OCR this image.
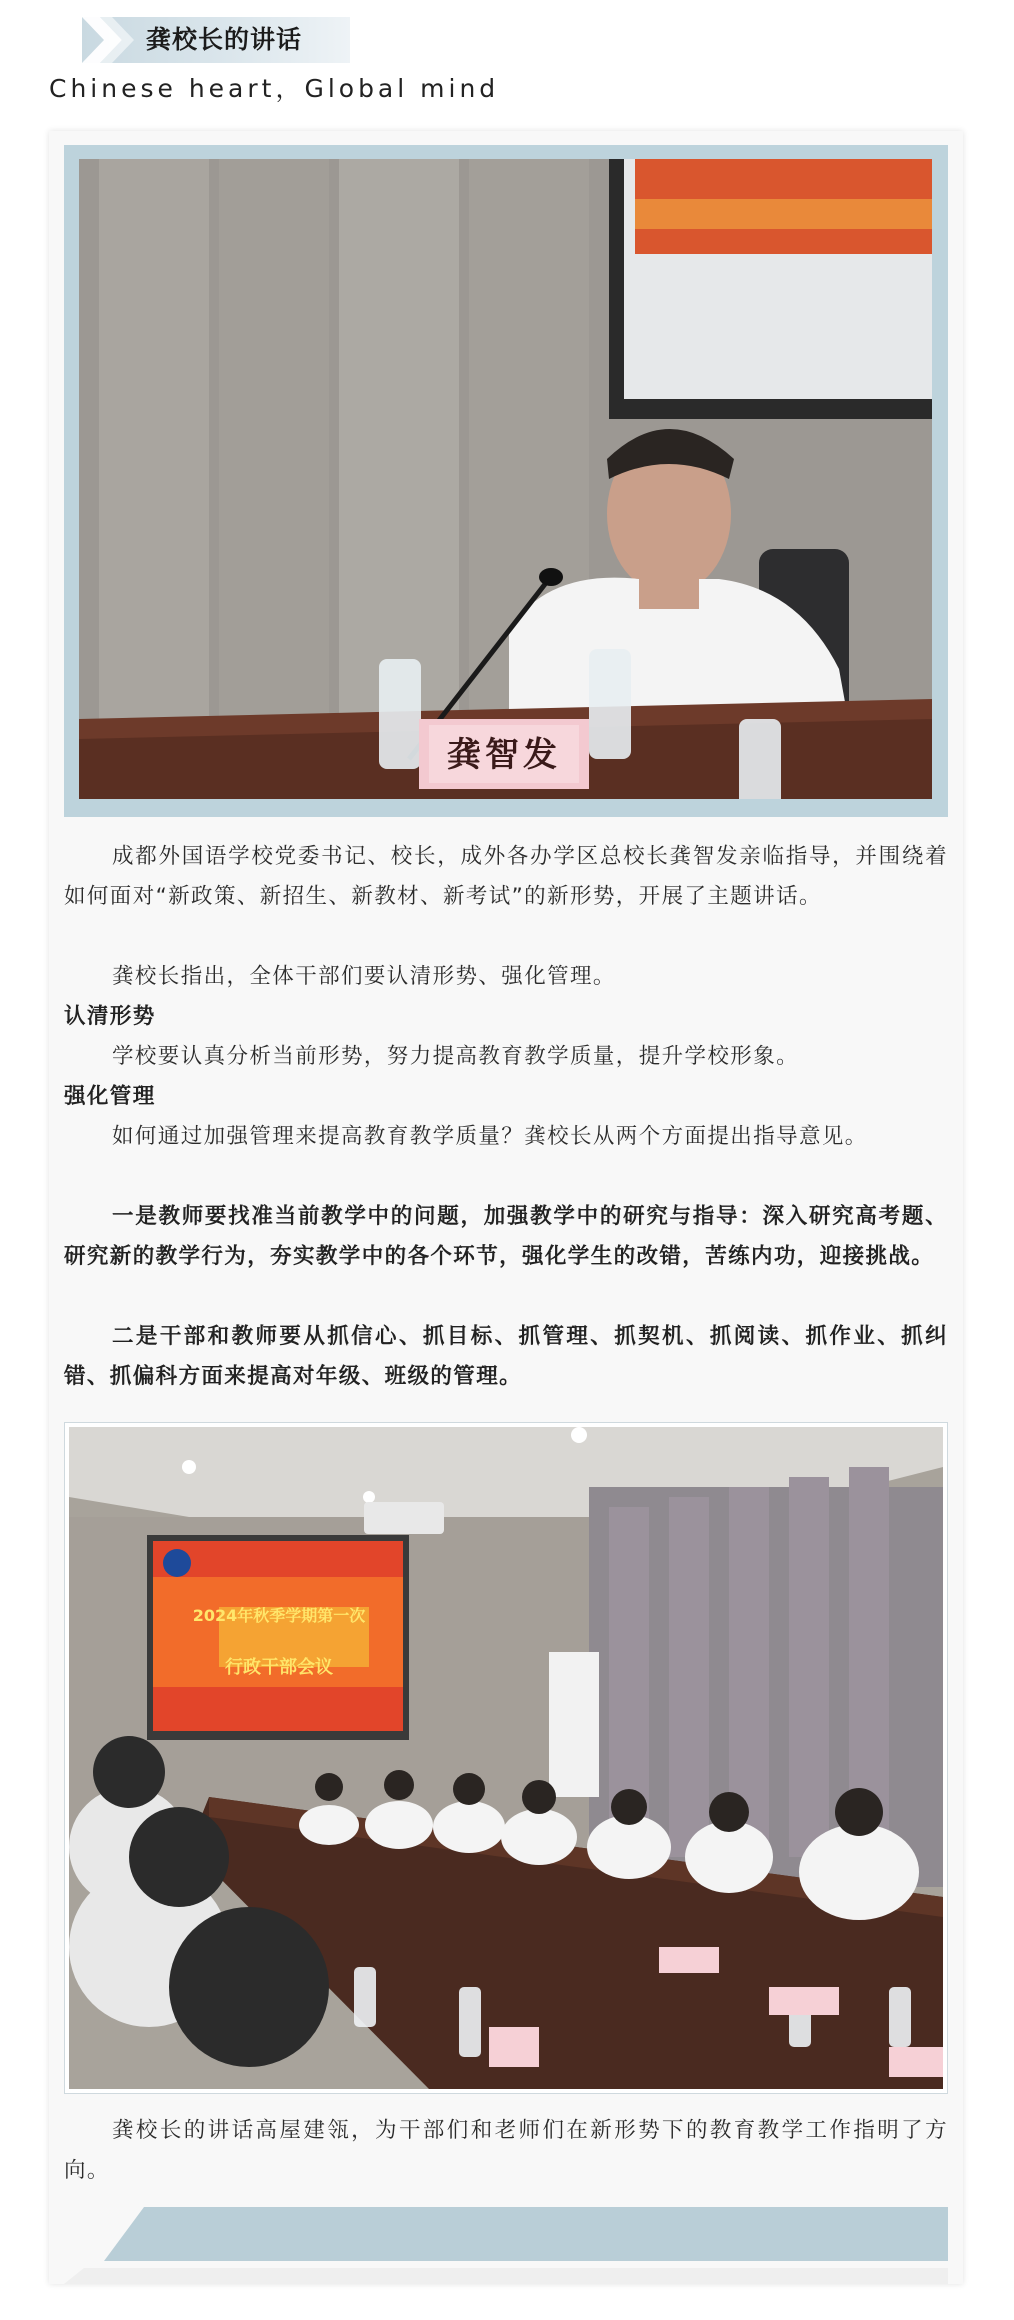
龚校长的讲话
Chinese heart，Global mind
龚智发
成都外国语学校党委书记、校长，成外各办学区总校长龚智发亲临指导，并围绕着如何面对“新政策、新招生、新教材、新考试”的新形势，开展了主题讲话。
龚校长指出，全体干部们要认清形势、强化管理。
认清形势
学校要认真分析当前形势，努力提高教育教学质量，提升学校形象。
强化管理
如何通过加强管理来提高教育教学质量？龚校长从两个方面提出指导意见。
一是教师要找准当前教学中的问题，加强教学中的研究与指导：深入研究高考题、研究新的教学行为，夯实教学中的各个环节，强化学生的改错，苦练内功，迎接挑战。
二是干部和教师要从抓信心、抓目标、抓管理、抓契机、抓阅读、抓作业、抓纠错、抓偏科方面来提高对年级、班级的管理。
2024年秋季学期第一次
行政干部会议
龚校长的讲话高屋建瓴，为干部们和老师们在新形势下的教育教学工作指明了方向。
